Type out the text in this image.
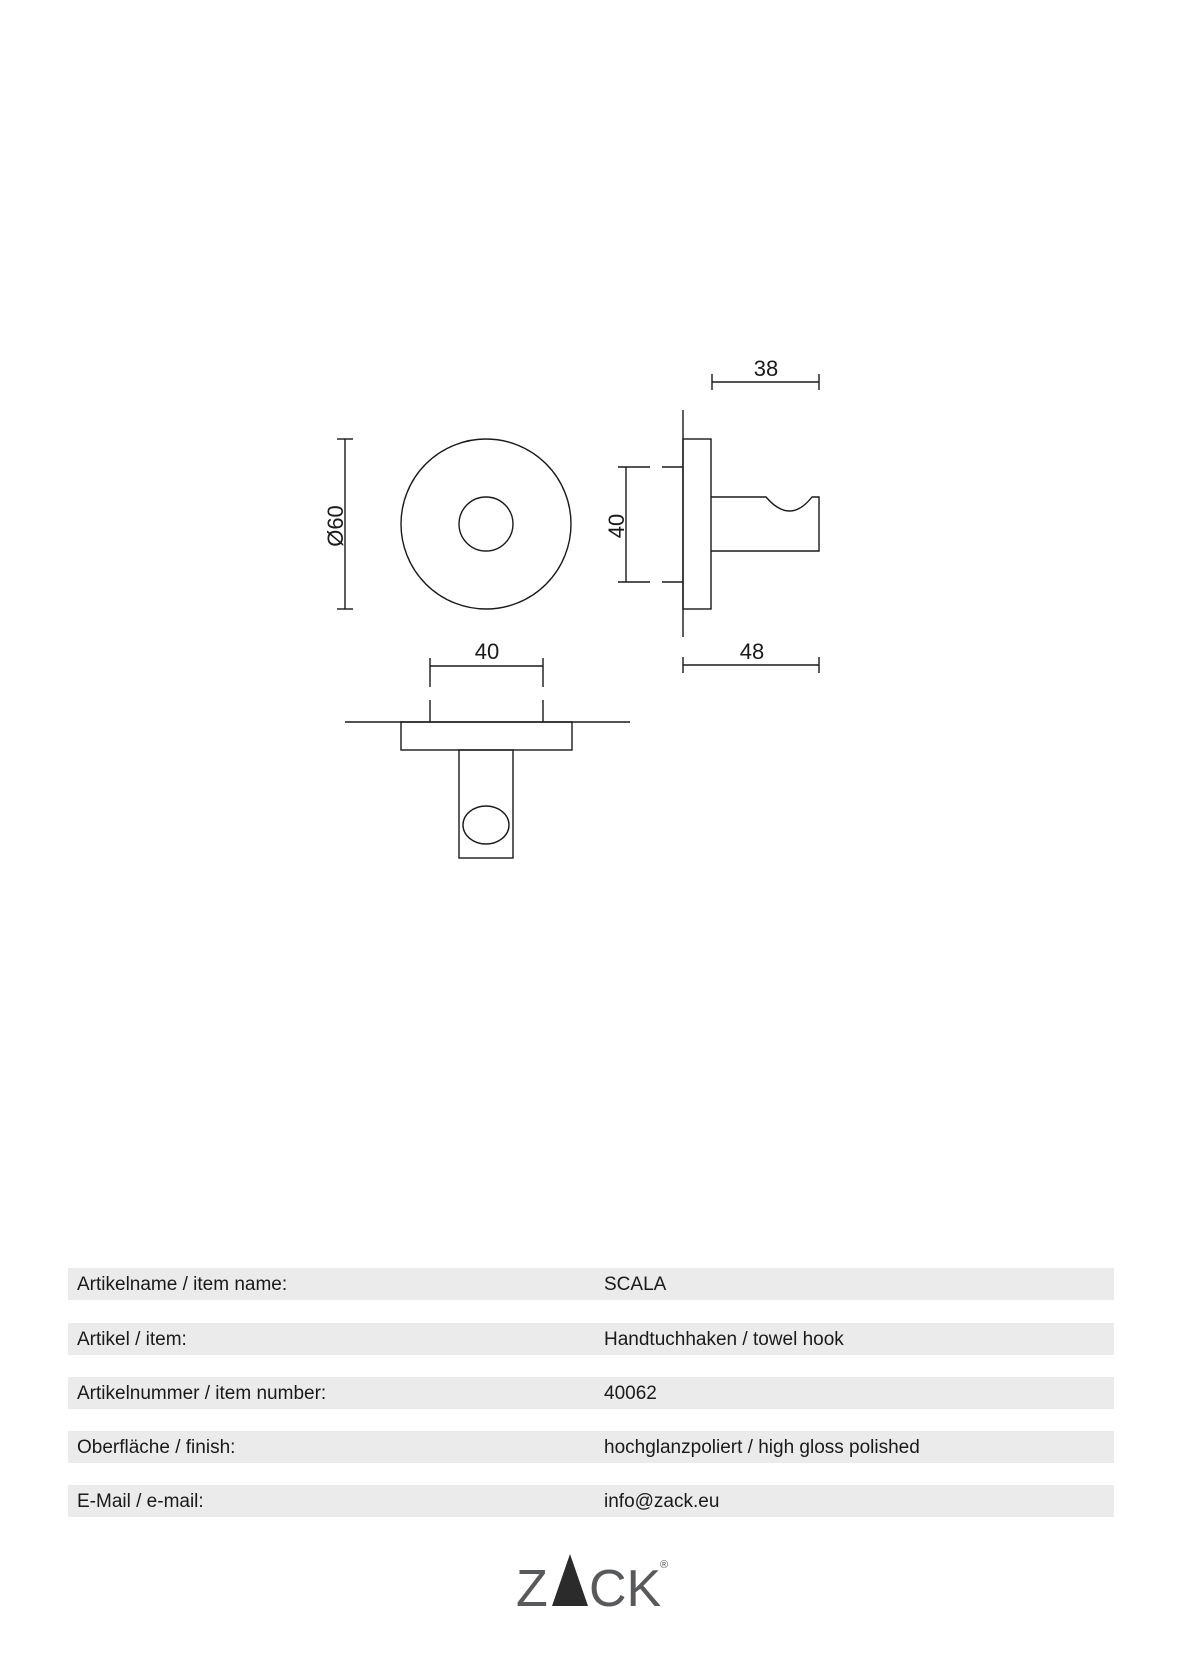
Ø60	40
38
48
40
Artikelname / item name:	SCALA
Artikel / item:	Handtuchhaken / towel hook
Artikelnummer / item number:	40062
Oberfläche / finish:	hochglanzpoliert / high gloss polished
E-Mail / e-mail:	info@zack.eu
Z CK
®
